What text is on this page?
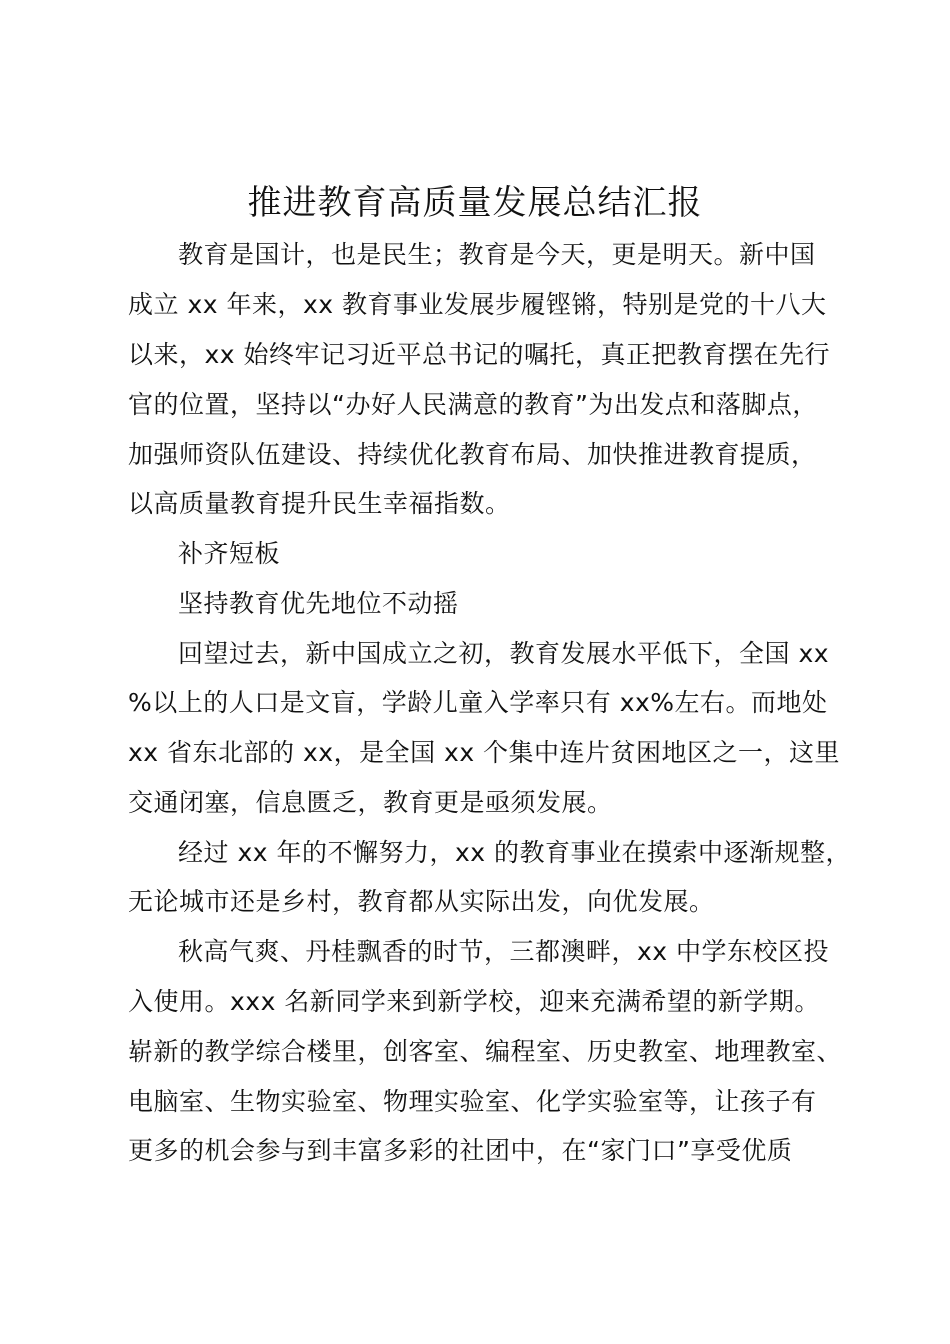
推进教育高质量发展总结汇报

教育是国计，也是民生；教育是今天，更是明天。新中国

成立 xx 年来，xx 教育事业发展步履铿锵，特别是党的十八大

以来，xx 始终牢记习近平总书记的嘱托，真正把教育摆在先行

官的位置，坚持以“办好人民满意的教育”为出发点和落脚点，

加强师资队伍建设、持续优化教育布局、加快推进教育提质，

以高质量教育提升民生幸福指数。

补齐短板

坚持教育优先地位不动摇

回望过去，新中国成立之初，教育发展水平低下，全国 xx

%以上的人口是文盲，学龄儿童入学率只有 xx%左右。而地处

xx 省东北部的 xx，是全国 xx 个集中连片贫困地区之一，这里

交通闭塞，信息匮乏，教育更是亟须发展。

经过 xx 年的不懈努力，xx 的教育事业在摸索中逐渐规整，

无论城市还是乡村，教育都从实际出发，向优发展。

秋高气爽、丹桂飘香的时节，三都澳畔，xx 中学东校区投

入使用。xxx 名新同学来到新学校，迎来充满希望的新学期。

崭新的教学综合楼里，创客室、编程室、历史教室、地理教室、

电脑室、生物实验室、物理实验室、化学实验室等，让孩子有

更多的机会参与到丰富多彩的社团中，在“家门口”享受优质
